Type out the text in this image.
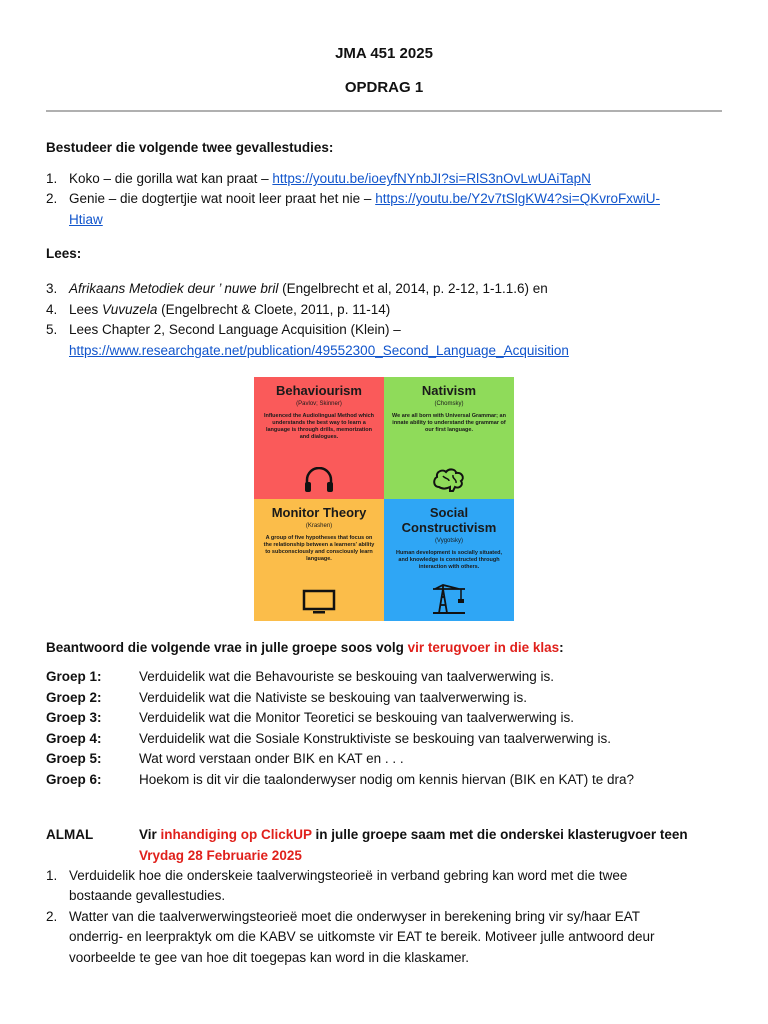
JMA 451 2025
OPDRAG 1
Bestudeer die volgende twee gevallestudies:
1. Koko – die gorilla wat kan praat – https://youtu.be/ioeyfNYnbJI?si=RlS3nOvLwUAiTapN
2. Genie – die dogtertjie wat nooit leer praat het nie – https://youtu.be/Y2v7tSlgKW4?si=QKvroFxwiU-
Htiaw
Lees:
3. Afrikaans Metodiek deur ’ nuwe bril (Engelbrecht et al, 2014, p. 2-12, 1-1.1.6) en
4. Lees Vuvuzela (Engelbrecht & Cloete, 2011, p. 11-14)
5. Lees Chapter 2, Second Language Acquisition (Klein) –
https://www.researchgate.net/publication/49552300_Second_Language_Acquisition
Behaviourism
(Pavlov; Skinner)
Influenced the Audiolingual Method which understands the best way to learn a language is through drills, memorization and dialogues.
Nativism
(Chomsky)
We are all born with Universal Grammar; an innate ability to understand the grammar of our first language.
Monitor Theory
(Krashen)
A group of five hypotheses that focus on the relationship between a learners' ability to subconsciously and consciously learn language.
Social Constructivism
(Vygotsky)
Human development is socially situated, and knowledge is constructed through interaction with others.
Beantwoord die volgende vrae in julle groepe soos volg vir terugvoer in die klas:
Groep 1:	Verduidelik wat die Behavouriste se beskouing van taalverwerwing is.
Groep 2:	Verduidelik wat die Nativiste se beskouing van taalverwerwing is.
Groep 3:	Verduidelik wat die Monitor Teoretici se beskouing van taalverwerwing is.
Groep 4:	Verduidelik wat die Sosiale Konstruktiviste se beskouing van taalverwerwing is.
Groep 5:	Wat word verstaan onder BIK en KAT en . . .
Groep 6:	Hoekom is dit vir die taalonderwyser nodig om kennis hiervan (BIK en KAT) te dra?
ALMAL	Vir inhandiging op ClickUP in julle groepe saam met die onderskei klasterugvoer teen
Vrydag 28 Februarie 2025
1. Verduidelik hoe die onderskeie taalverwingsteorieë in verband gebring kan word met die twee
bostaande gevallestudies.
2. Watter van die taalverwerwingsteorieë moet die onderwyser in berekening bring vir sy/haar EAT
onderrig- en leerpraktyk om die KABV se uitkomste vir EAT te bereik. Motiveer julle antwoord deur
voorbeelde te gee van hoe dit toegepas kan word in die klaskamer.
